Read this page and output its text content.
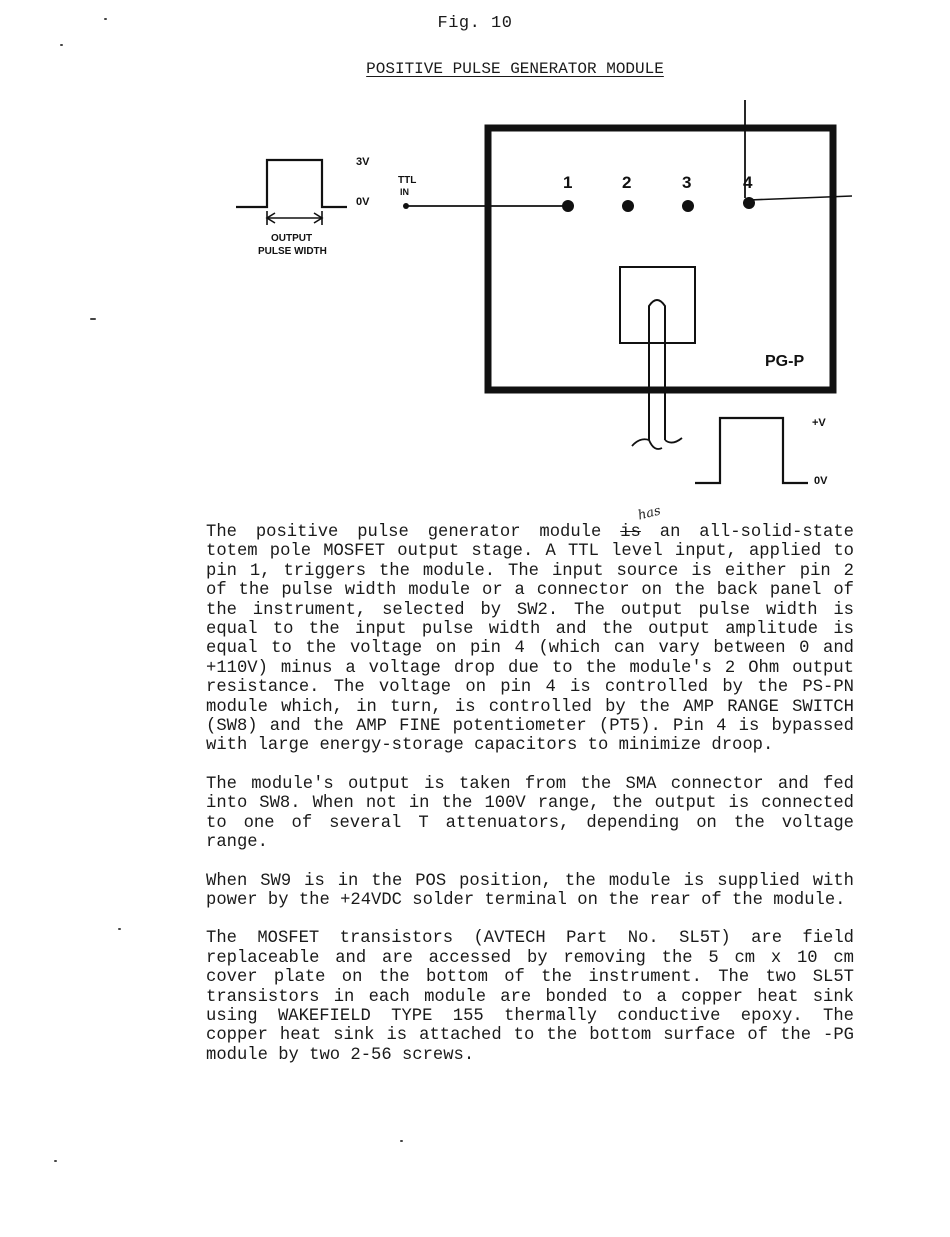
Fig. 10
POSITIVE PULSE GENERATOR MODULE
3V
0V
OUTPUT
PULSE WIDTH
TTL
IN	1	2	3	4
PG-P
+V
0V
has

The positive pulse generator module is an all-solid-state totem pole MOSFET output stage. A TTL level input, applied to pin 1, triggers the module. The input source is either pin 2 of the pulse width module or a connector on the back panel of the instrument, selected by SW2. The output pulse width is equal to the input pulse width and the output amplitude is equal to the voltage on pin 4 (which can vary between 0 and +110V) minus a voltage drop due to the module's 2 Ohm output resistance. The voltage on pin 4 is controlled by the PS-PN module which, in turn, is controlled by the AMP RANGE SWITCH (SW8) and the AMP FINE potentiometer (PT5). Pin 4 is bypassed with large energy-storage capacitors to minimize droop.

The module's output is taken from the SMA connector and fed into SW8. When not in the 100V range, the output is connected to one of several T attenuators, depending on the voltage range.

When SW9 is in the POS position, the module is supplied with power by the +24VDC solder terminal on the rear of the module.

The MOSFET transistors (AVTECH Part No. SL5T) are field replaceable and are accessed by removing the 5 cm x 10 cm cover plate on the bottom of the instrument. The two SL5T transistors in each module are bonded to a copper heat sink using WAKEFIELD TYPE 155 thermally conductive epoxy. The copper heat sink is attached to the bottom surface of the -PG module by two 2-56 screws.
